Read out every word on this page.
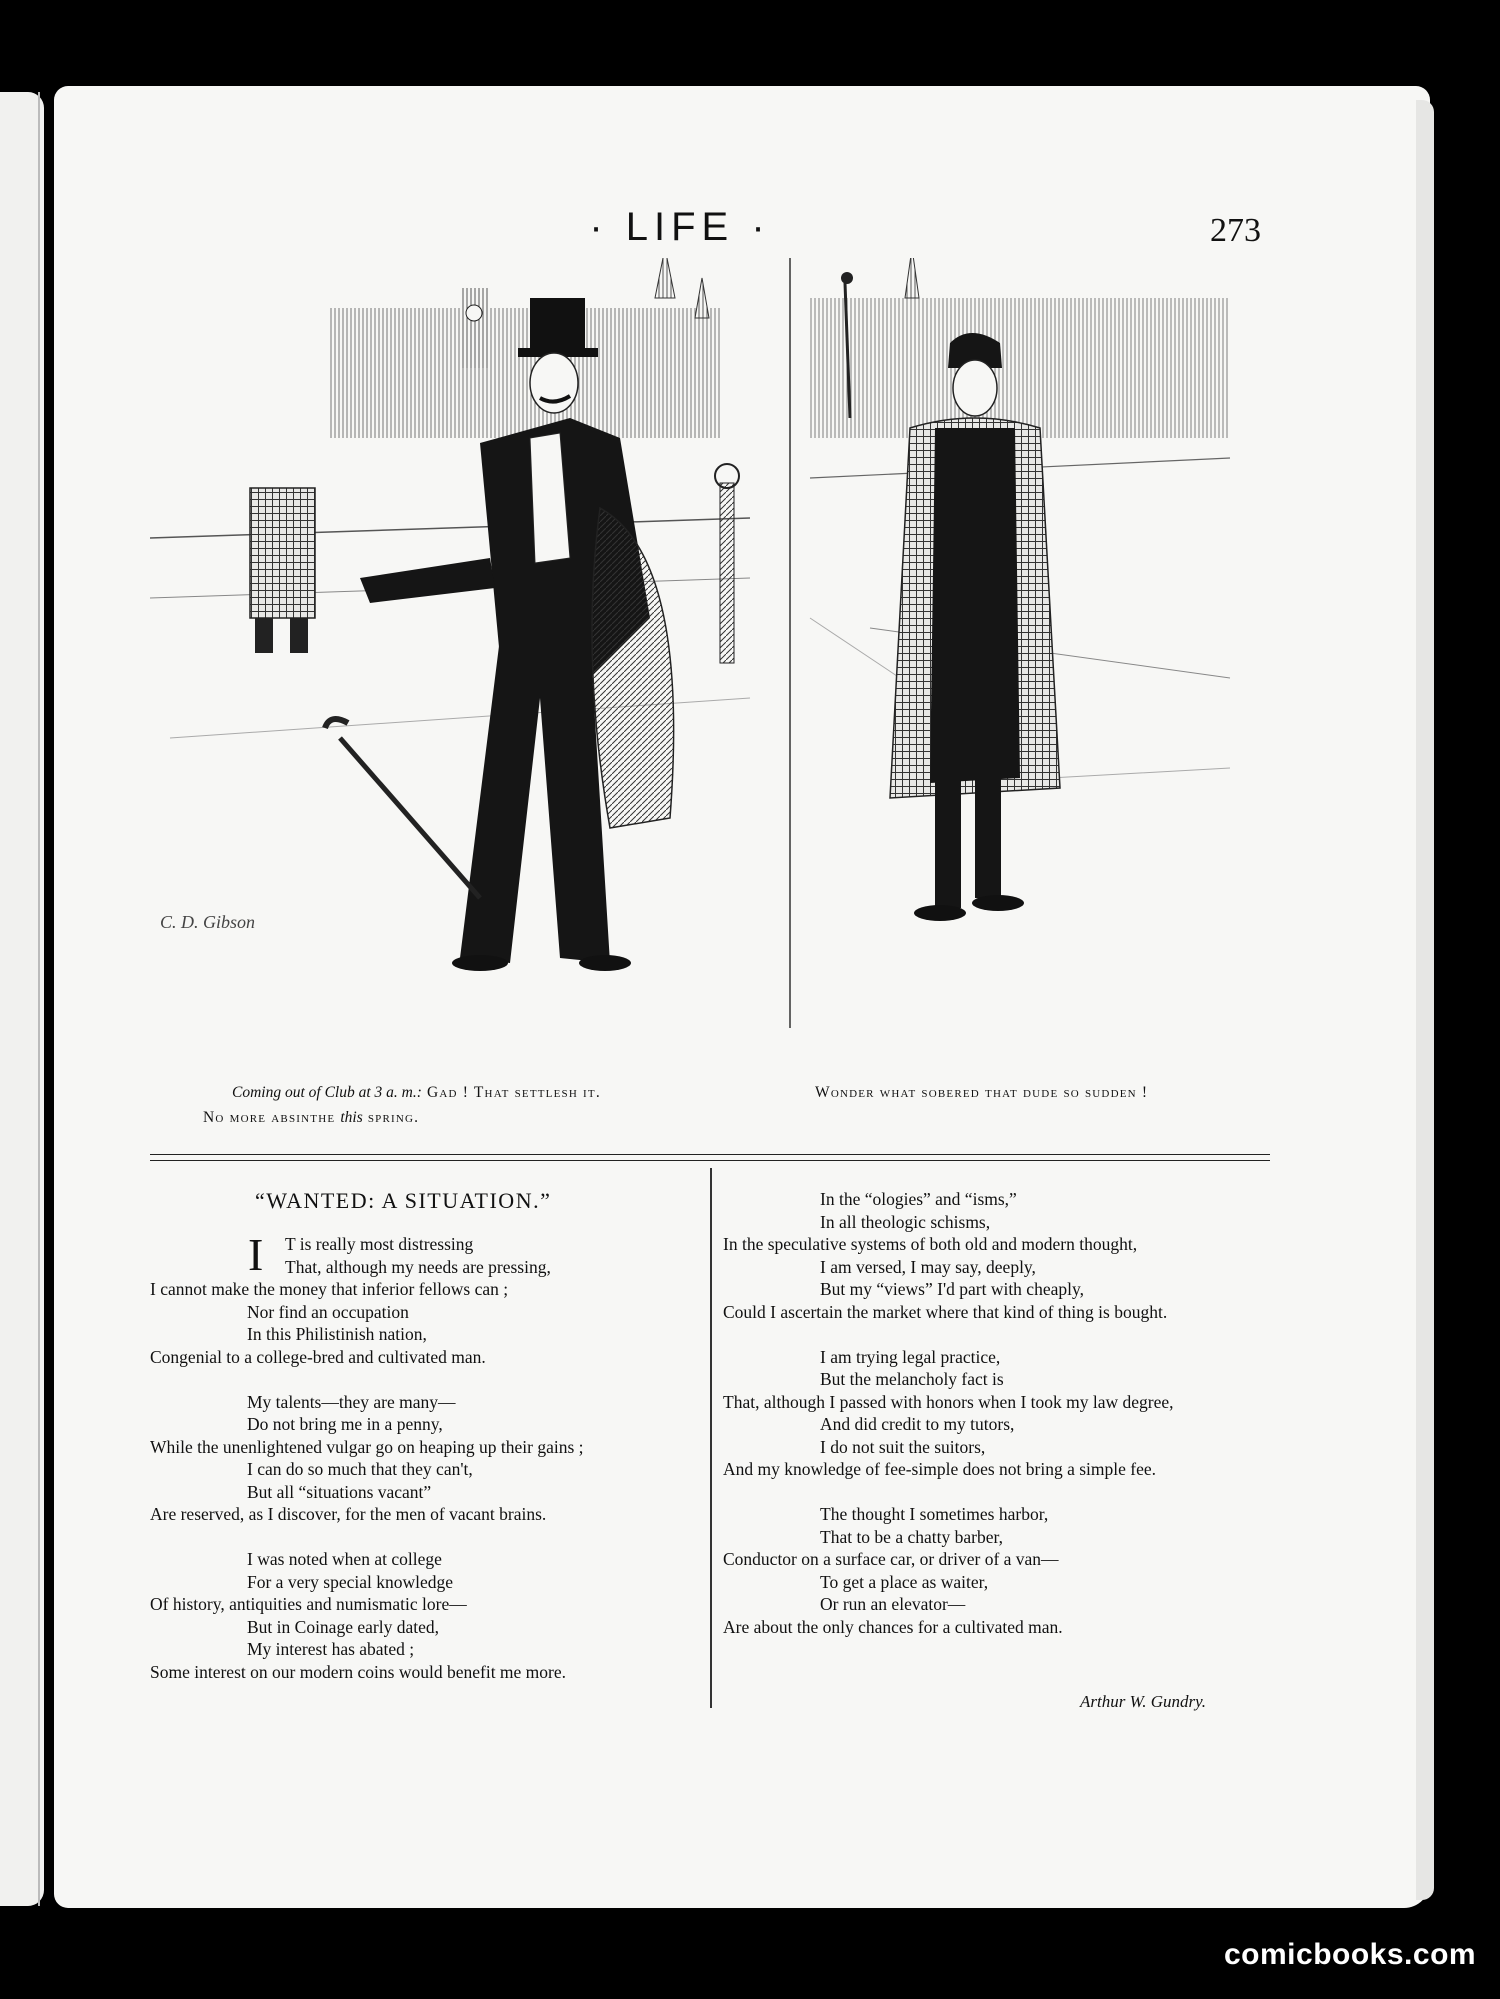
· LIFE ·	273
C. D. Gibson
Coming out of Club at 3 a. m.: Gad ! That settlesh it.
No more absinthe this spring.
Wonder what sobered that dude so sudden !
“WANTED: A SITUATION.”
I	T is really most distressing
That, although my needs are pressing,
I cannot make the money that inferior fellows can ;
Nor find an occupation
In this Philistinish nation,
Congenial to a college-bred and cultivated man.

My talents—they are many—
Do not bring me in a penny,
While the unenlightened vulgar go on heaping up their gains ;
I can do so much that they can't,
But all “situations vacant”
Are reserved, as I discover, for the men of vacant brains.

I was noted when at college
For a very special knowledge
Of history, antiquities and numismatic lore—
But in Coinage early dated,
My interest has abated ;
Some interest on our modern coins would benefit me more.
In the “ologies” and “isms,”
In all theologic schisms,
In the speculative systems of both old and modern thought,
I am versed, I may say, deeply,
But my “views” I'd part with cheaply,
Could I ascertain the market where that kind of thing is bought.

I am trying legal practice,
But the melancholy fact is
That, although I passed with honors when I took my law degree,
And did credit to my tutors,
I do not suit the suitors,
And my knowledge of fee-simple does not bring a simple fee.

The thought I sometimes harbor,
That to be a chatty barber,
Conductor on a surface car, or driver of a van—
To get a place as waiter,
Or run an elevator—
Are about the only chances for a cultivated man.
Arthur W. Gundry.
comicbooks.com
